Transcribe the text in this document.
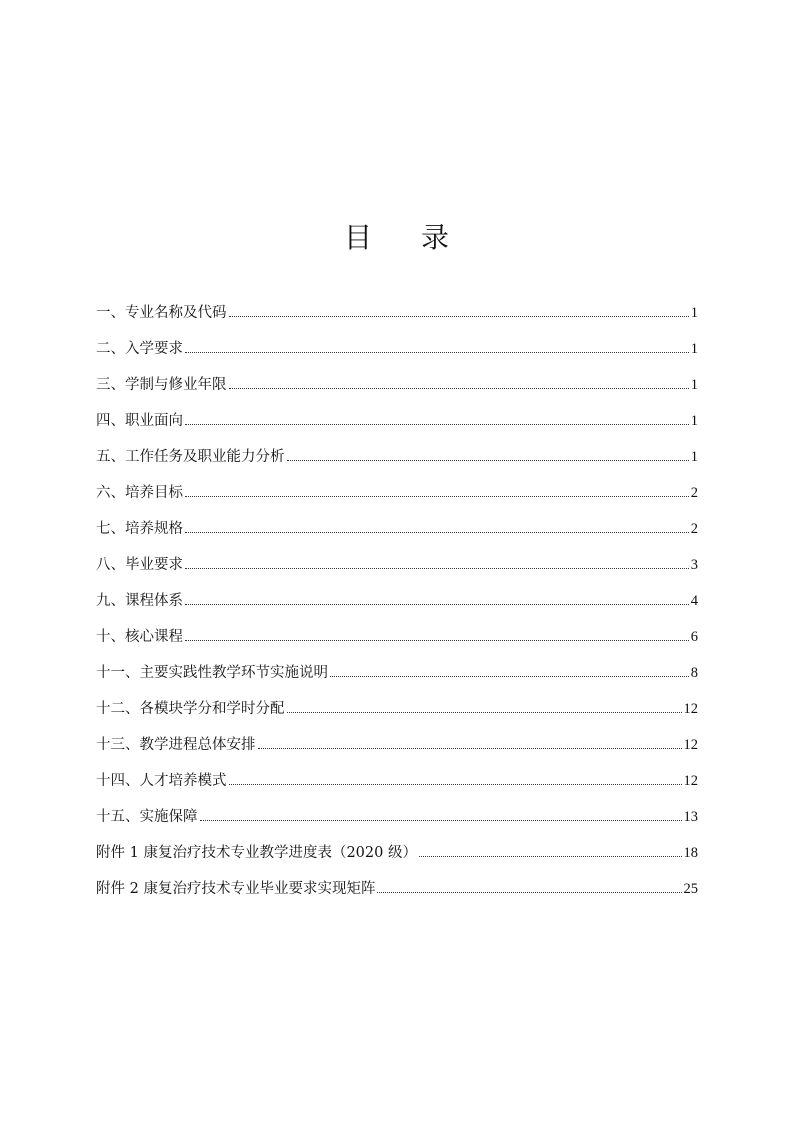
目 录
一、专业名称及代码	1
二、入学要求	1
三、学制与修业年限	1
四、职业面向	1
五、工作任务及职业能力分析	1
六、培养目标	2
七、培养规格	2
八、毕业要求	3
九、课程体系	4
十、核心课程	6
十一、主要实践性教学环节实施说明	8
十二、各模块学分和学时分配	12
十三、教学进程总体安排	12
十四、人才培养模式	12
十五、实施保障	13
附件 1 康复治疗技术专业教学进度表（2020 级）	18
附件 2 康复治疗技术专业毕业要求实现矩阵	25
